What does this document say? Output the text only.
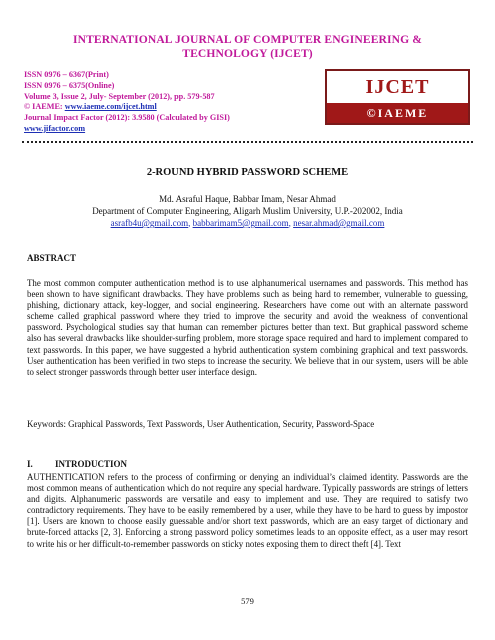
INTERNATIONAL JOURNAL OF COMPUTER ENGINEERING &
TECHNOLOGY (IJCET)
ISSN 0976 – 6367(Print)
ISSN 0976 – 6375(Online)
Volume 3, Issue 2, July- September (2012), pp. 579-587
© IAEME: www.iaeme.com/ijcet.html
Journal Impact Factor (2012): 3.9580 (Calculated by GISI)
www.jifactor.com
IJCET
©IAEME
2-ROUND HYBRID PASSWORD SCHEME
Md. Asraful Haque, Babbar Imam, Nesar Ahmad
Department of Computer Engineering, Aligarh Muslim University, U.P.-202002, India
asrafb4u@gmail.com, babbarimam5@gmail.com, nesar.ahmad@gmail.com
ABSTRACT
The most common computer authentication method is to use alphanumerical usernames and passwords. This method has been shown to have significant drawbacks. They have problems such as being hard to remember, vulnerable to guessing, phishing, dictionary attack, key-logger, and social engineering. Researchers have come out with an alternate password scheme called graphical password where they tried to improve the security and avoid the weakness of conventional password. Psychological studies say that human can remember pictures better than text. But graphical password scheme also has several drawbacks like shoulder-surfing problem, more storage space required and hard to implement compared to text passwords. In this paper, we have suggested a hybrid authentication system combining graphical and text passwords. User authentication has been verified in two steps to increase the security. We believe that in our system, users will be able to select stronger passwords through better user interface design.
Keywords: Graphical Passwords, Text Passwords, User Authentication, Security, Password-Space
I. INTRODUCTION
AUTHENTICATION refers to the process of confirming or denying an individual’s claimed identity. Passwords are the most common means of authentication which do not require any special hardware. Typically passwords are strings of letters and digits. Alphanumeric passwords are versatile and easy to implement and use. They are required to satisfy two contradictory requirements. They have to be easily remembered by a user, while they have to be hard to guess by impostor [1]. Users are known to choose easily guessable and/or short text passwords, which are an easy target of dictionary and brute-forced attacks [2, 3]. Enforcing a strong password policy sometimes leads to an opposite effect, as a user may resort to write his or her difficult-to-remember passwords on sticky notes exposing them to direct theft [4]. Text
579
